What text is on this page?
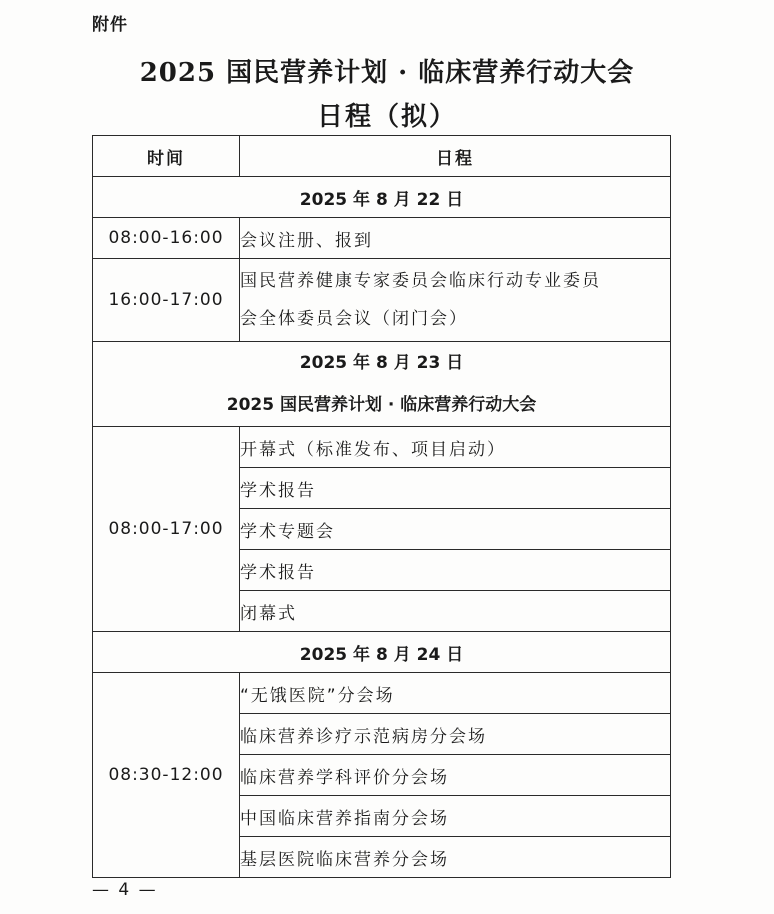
附件
2025 国民营养计划 · 临床营养行动大会
日程（拟）
时间	日程
2025 年 8 月 22 日	
08:00-16:00	会议注册、报到
16:00-17:00	国民营养健康专家委员会临床行动专业委员
会全体委员会议（闭门会）
2025 年 8 月 23 日
2025 国民营养计划 · 临床营养行动大会	
08:00-17:00	开幕式（标准发布、项目启动）
	学术报告
	学术专题会
	学术报告
	闭幕式
2025 年 8 月 24 日	
08:30-12:00	“无饿医院”分会场
	临床营养诊疗示范病房分会场
	临床营养学科评价分会场
	中国临床营养指南分会场
	基层医院临床营养分会场
— 4 —
